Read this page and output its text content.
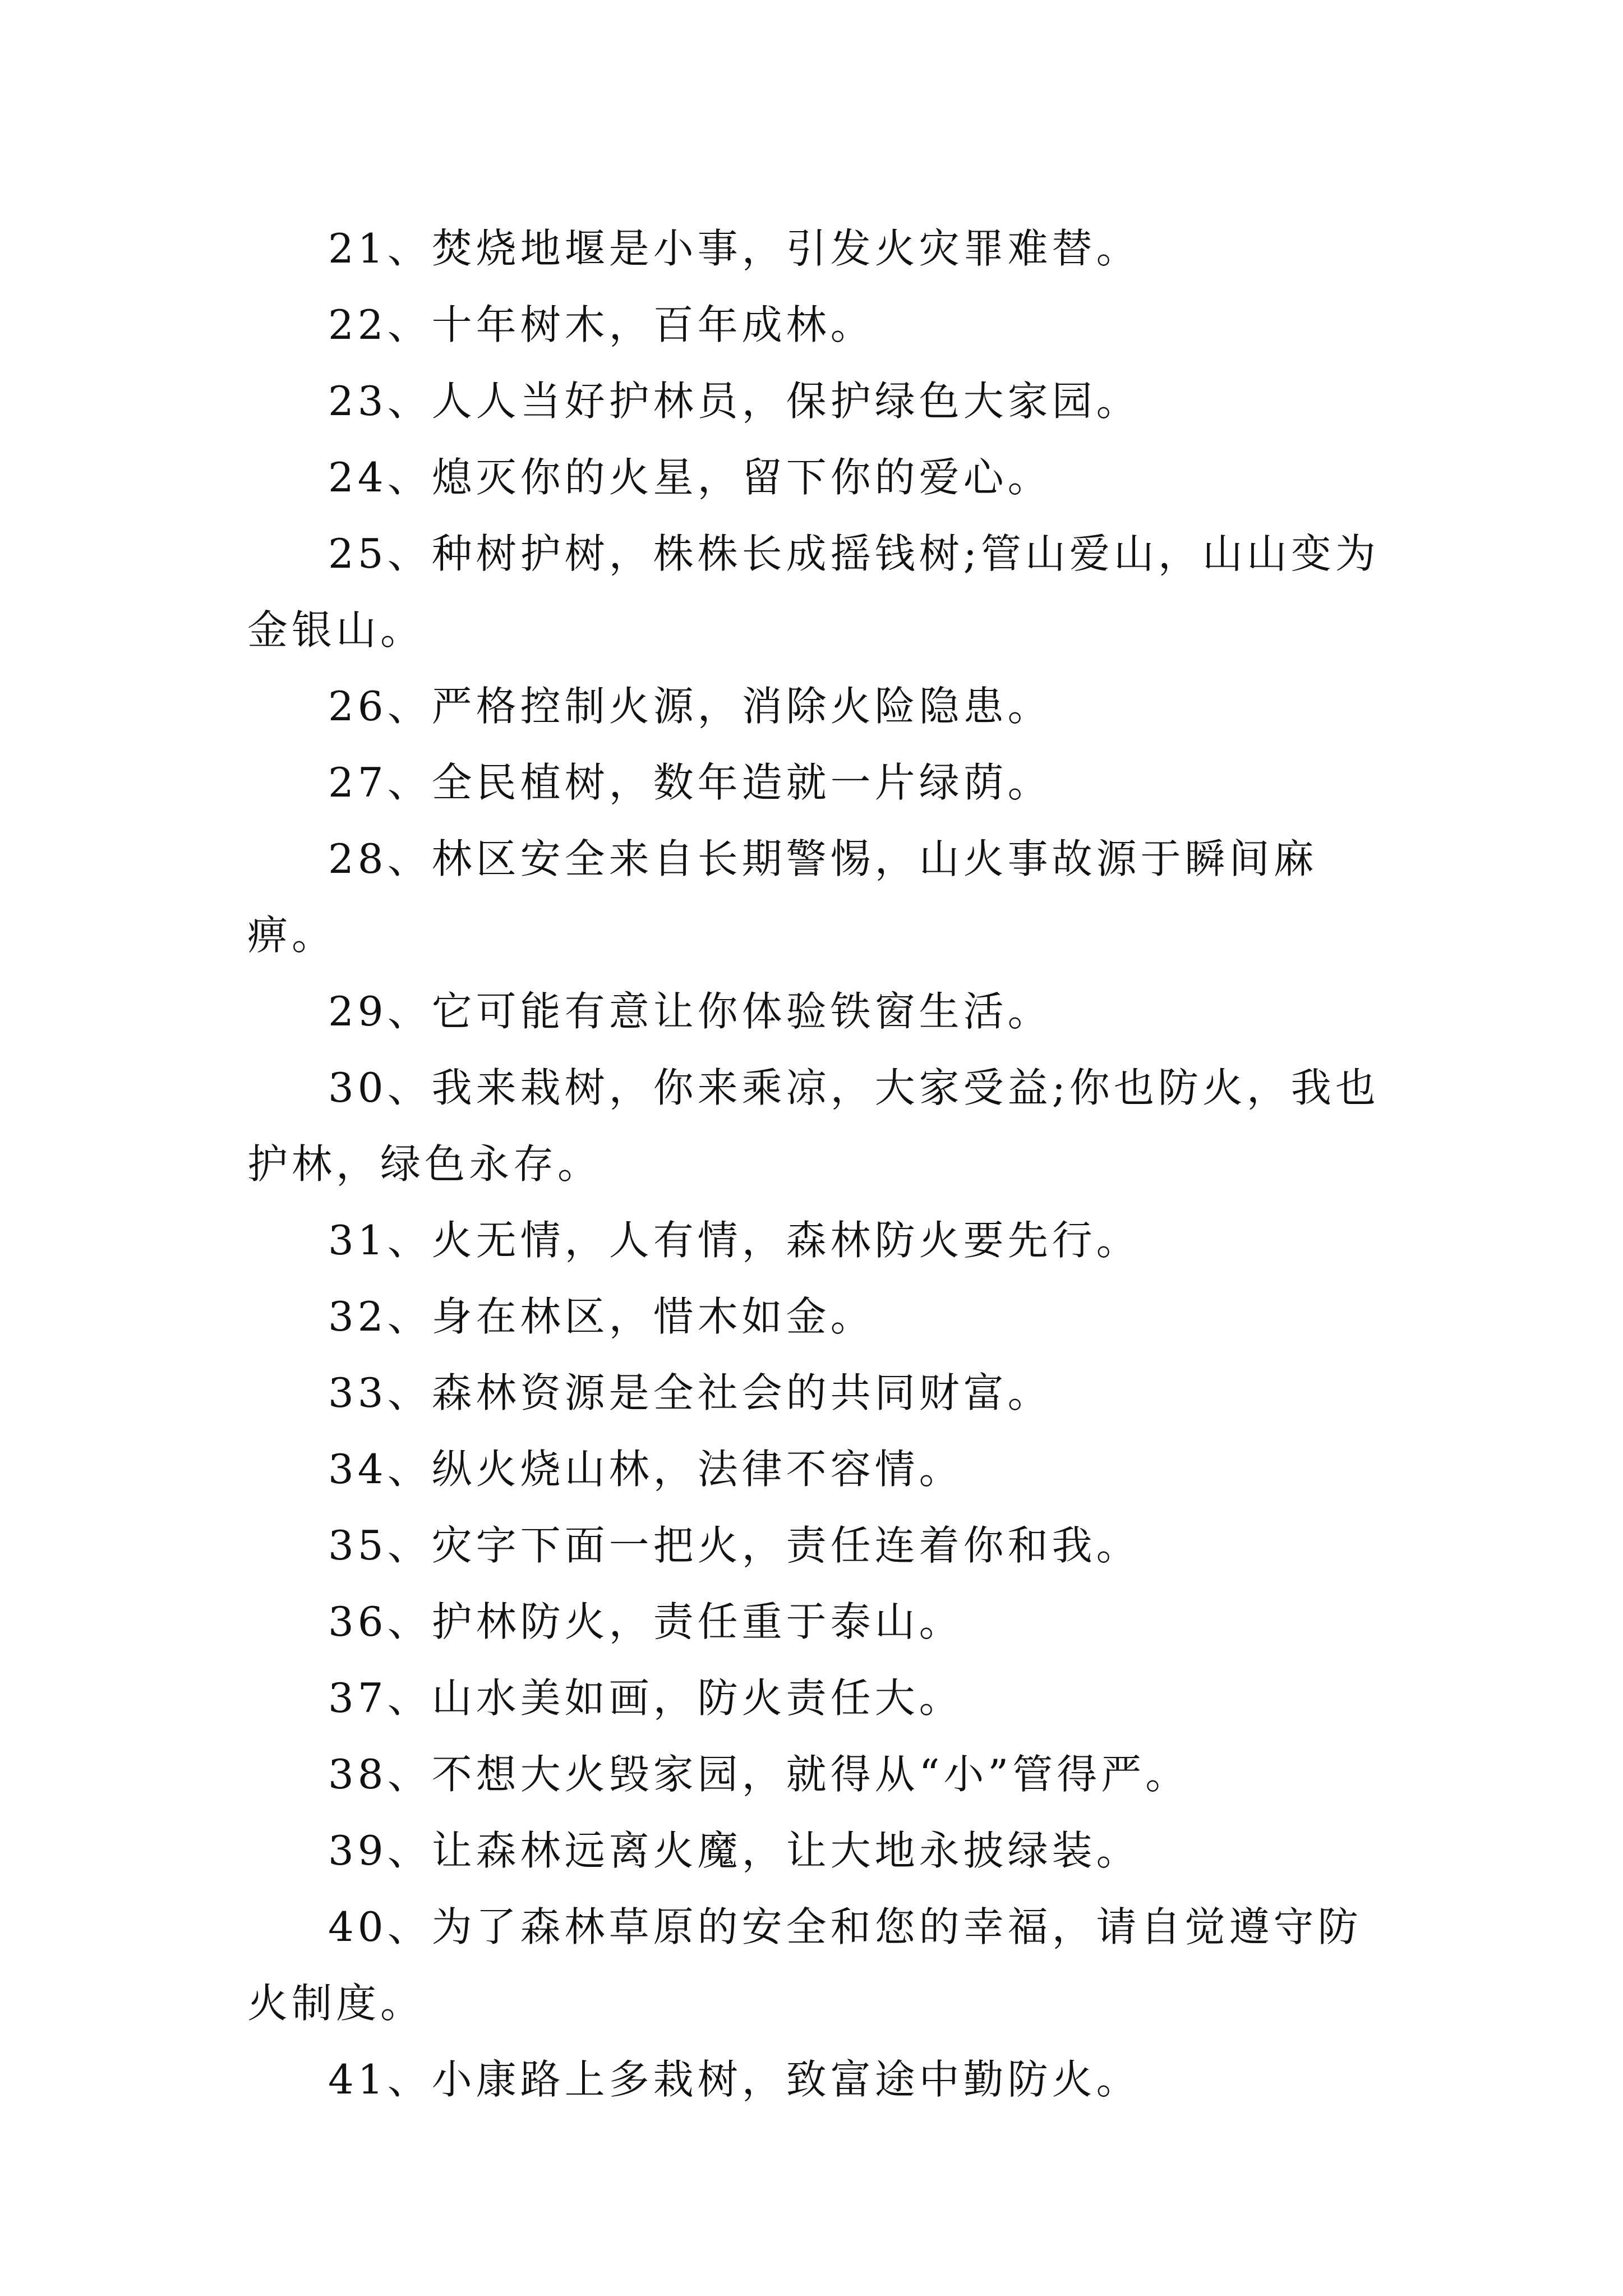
21、焚烧地堰是小事，引发火灾罪难替。

22、十年树木，百年成林。

23、人人当好护林员，保护绿色大家园。

24、熄灭你的火星，留下你的爱心。

25、种树护树，株株长成摇钱树;管山爱山，山山变为金银山。

26、严格控制火源，消除火险隐患。

27、全民植树，数年造就一片绿荫。

28、林区安全来自长期警惕，山火事故源于瞬间麻痹。

29、它可能有意让你体验铁窗生活。

30、我来栽树，你来乘凉，大家受益;你也防火，我也护林，绿色永存。

31、火无情，人有情，森林防火要先行。

32、身在林区，惜木如金。

33、森林资源是全社会的共同财富。

34、纵火烧山林，法律不容情。

35、灾字下面一把火，责任连着你和我。

36、护林防火，责任重于泰山。

37、山水美如画，防火责任大。

38、不想大火毁家园，就得从“小”管得严。

39、让森林远离火魔，让大地永披绿装。

40、为了森林草原的安全和您的幸福，请自觉遵守防火制度。

41、小康路上多栽树，致富途中勤防火。
